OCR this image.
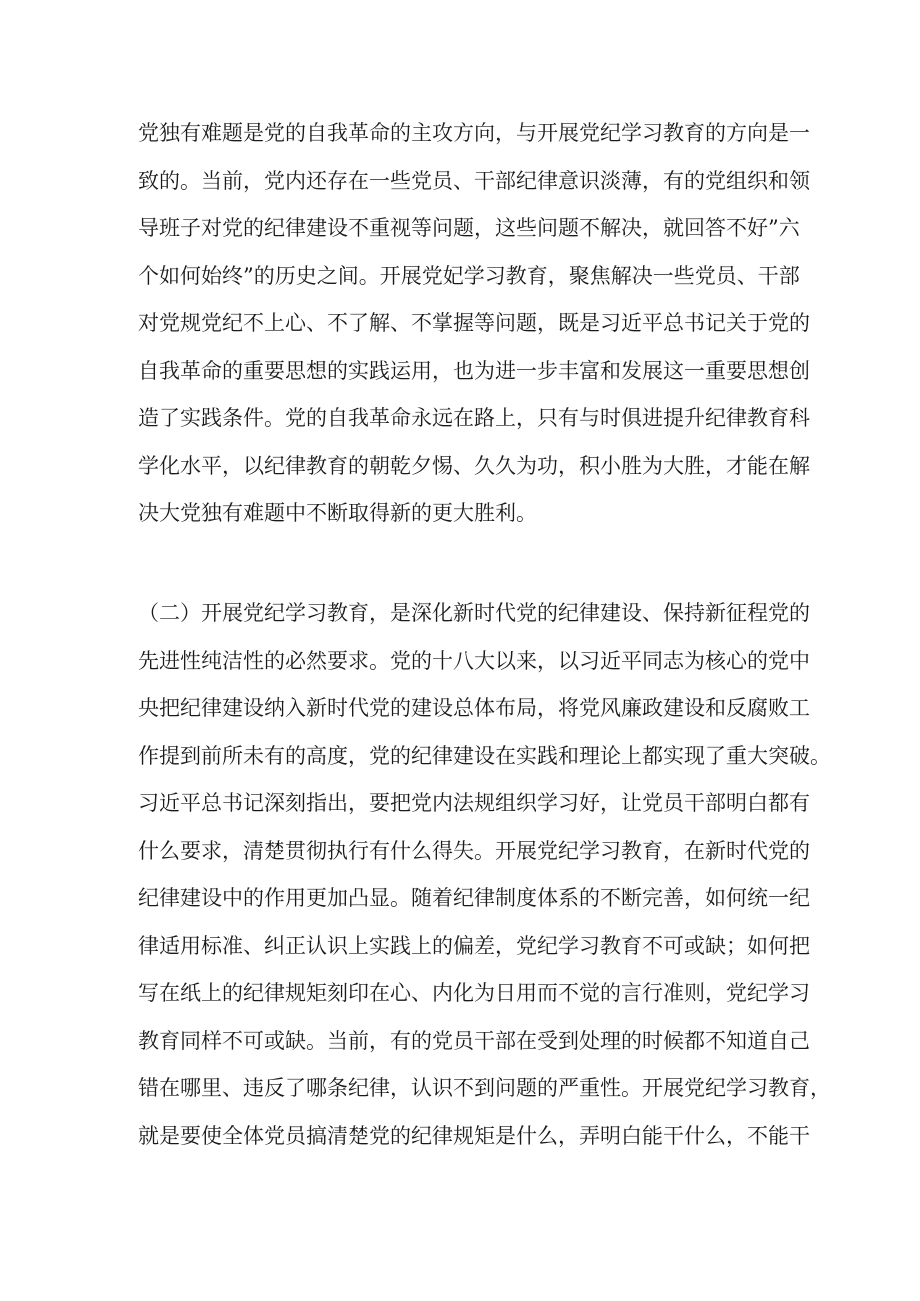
党独有难题是党的自我革命的主攻方向，与开展党纪学习教育的方向是一
致的。当前，党内还存在一些党员、干部纪律意识淡薄，有的党组织和领
导班子对党的纪律建设不重视等问题，这些问题不解决，就回答不好”六
个如何始终”的历史之间。开展党妃学习教育，聚焦解决一些党员、干部
对党规党纪不上心、不了解、不掌握等问题，既是习近平总书记关于党的
自我革命的重要思想的实践运用，也为进一步丰富和发展这一重要思想创
造了实践条件。党的自我革命永远在路上，只有与时俱进提升纪律教育科
学化水平，以纪律教育的朝乾夕惕、久久为功，积小胜为大胜，才能在解
决大党独有难题中不断取得新的更大胜利。
（二）开展党纪学习教育，是深化新时代党的纪律建设、保持新征程党的
先进性纯洁性的必然要求。党的十八大以来，以习近平同志为核心的党中
央把纪律建设纳入新时代党的建设总体布局，将党风廉政建设和反腐败工
作提到前所未有的高度，党的纪律建设在实践和理论上都实现了重大突破。
习近平总书记深刻指出，要把党内法规组织学习好，让党员干部明白都有
什么要求，清楚贯彻执行有什么得失。开展党纪学习教育，在新时代党的
纪律建设中的作用更加凸显。随着纪律制度体系的不断完善，如何统一纪
律适用标准、纠正认识上实践上的偏差，党纪学习教育不可或缺；如何把
写在纸上的纪律规矩刻印在心、内化为日用而不觉的言行准则，党纪学习
教育同样不可或缺。当前，有的党员干部在受到处理的时候都不知道自己
错在哪里、违反了哪条纪律，认识不到问题的严重性。开展党纪学习教育，
就是要使全体党员搞清楚党的纪律规矩是什么，弄明白能干什么，不能干
